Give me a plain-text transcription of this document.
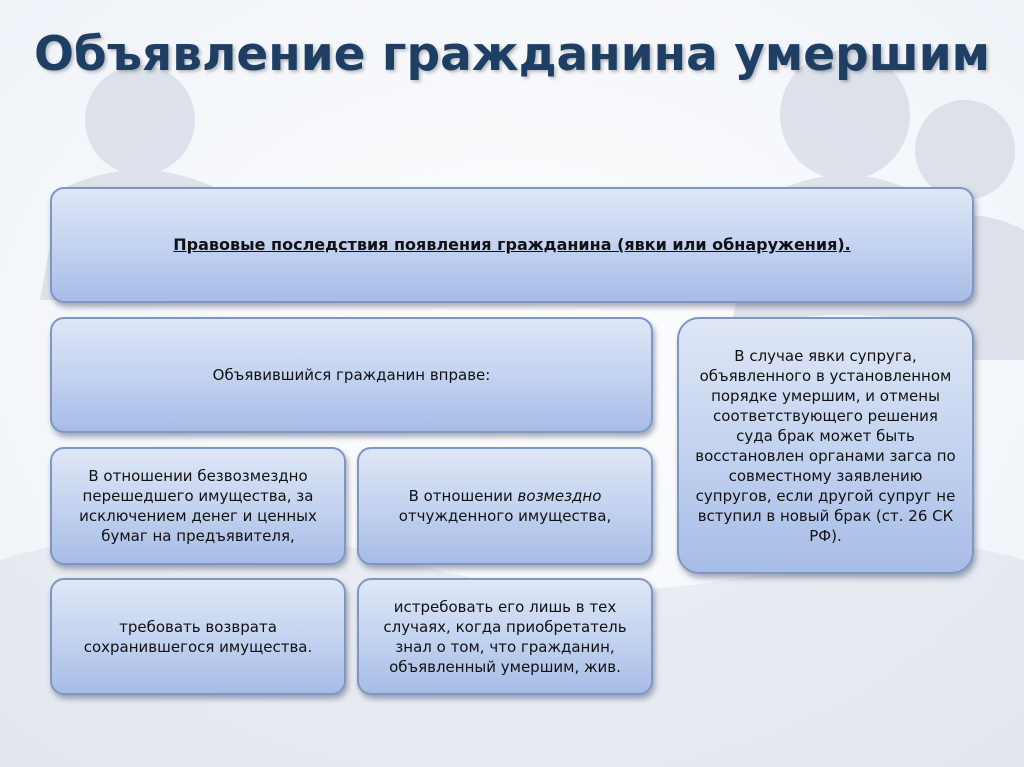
Объявление гражданина умершим
Правовые последствия появления гражданина (явки или обнаружения).
Объявившийся гражданин вправе:
В отношении безвозмездно перешедшего имущества, за исключением денег и ценных бумаг на предъявителя,
В отношении возмездно отчужденного имущества,
требовать возврата сохранившегося имущества.
истребовать его лишь в тех случаях, когда приобретатель знал о том, что гражданин, объявленный умершим, жив.
В случае явки супруга, объявленного в установленном порядке умершим, и отмены соответствующего решения суда брак может быть восстановлен органами загса по совместному заявлению супругов, если другой супруг не вступил в новый брак (ст. 26 СК РФ).
